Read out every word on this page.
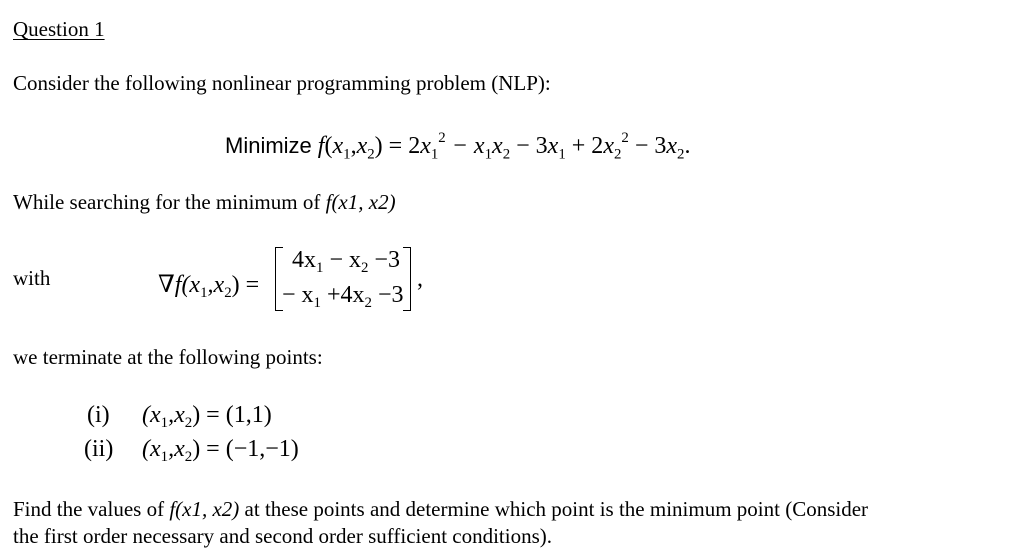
Question 1
Consider the following nonlinear programming problem (NLP):
Minimize $f(x_1,x_2) = 2x_1^2 - x_1x_2 - 3x_1 + 2x_2^2 - 3x_2$.
While searching for the minimum of f(x1, x2)
with	$\nabla f(x_1,x_2)$ =
$4x_1 - x_2 -3$
− $x_1 +4x_2 -3$
,
we terminate at the following points:
(i) $(x_1,x_2) = (1,1)$
(ii) $(x_1,x_2) = (-1,-1)$
Find the values of f(x1, x2) at these points and determine which point is the minimum point (Consider
the first order necessary and second order sufficient conditions).
